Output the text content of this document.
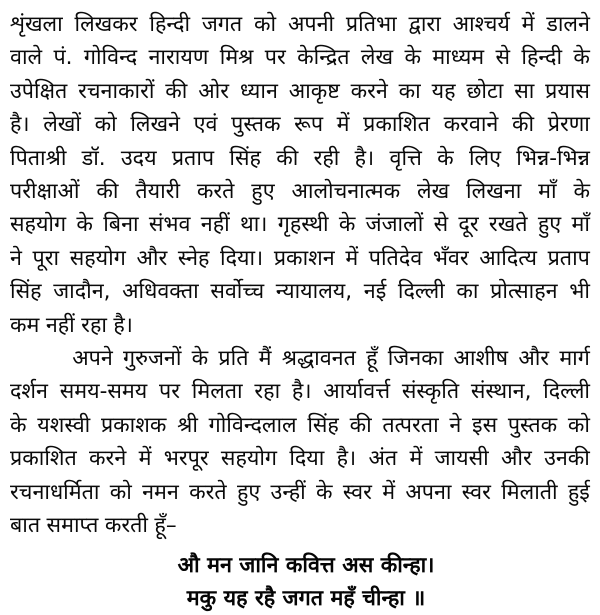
शृंखला लिखकर हिन्दी जगत को अपनी प्रतिभा द्वारा आश्चर्य में डालने
वाले पं. गोविन्द नारायण मिश्र पर केन्द्रित लेख के माध्यम से हिन्दी के
उपेक्षित रचनाकारों की ओर ध्यान आकृष्ट करने का यह छोटा सा प्रयास
है। लेखों को लिखने एवं पुस्तक रूप में प्रकाशित करवाने की प्रेरणा
पिताश्री डॉ. उदय प्रताप सिंह की रही है। वृत्ति के लिए भिन्न-भिन्न
परीक्षाओं की तैयारी करते हुए आलोचनात्मक लेख लिखना माँ के
सहयोग के बिना संभव नहीं था। गृहस्थी के जंजालों से दूर रखते हुए माँ
ने पूरा सहयोग और स्नेह दिया। प्रकाशन में पतिदेव भँवर आदित्य प्रताप
सिंह जादौन, अधिवक्ता सर्वोच्च न्यायालय, नई दिल्ली का प्रोत्साहन भी
कम नहीं रहा है।
अपने गुरुजनों के प्रति मैं श्रद्धावनत हूँ जिनका आशीष और मार्ग
दर्शन समय-समय पर मिलता रहा है। आर्यावर्त्त संस्कृति संस्थान, दिल्ली
के यशस्वी प्रकाशक श्री गोविन्दलाल सिंह की तत्परता ने इस पुस्तक को
प्रकाशित करने में भरपूर सहयोग दिया है। अंत में जायसी और उनकी
रचनाधर्मिता को नमन करते हुए उन्हीं के स्वर में अपना स्वर मिलाती हुई
बात समाप्त करती हूँ–
औ मन जानि कवित्त अस कीन्हा।
मकु यह रहै जगत महँ चीन्हा ॥
